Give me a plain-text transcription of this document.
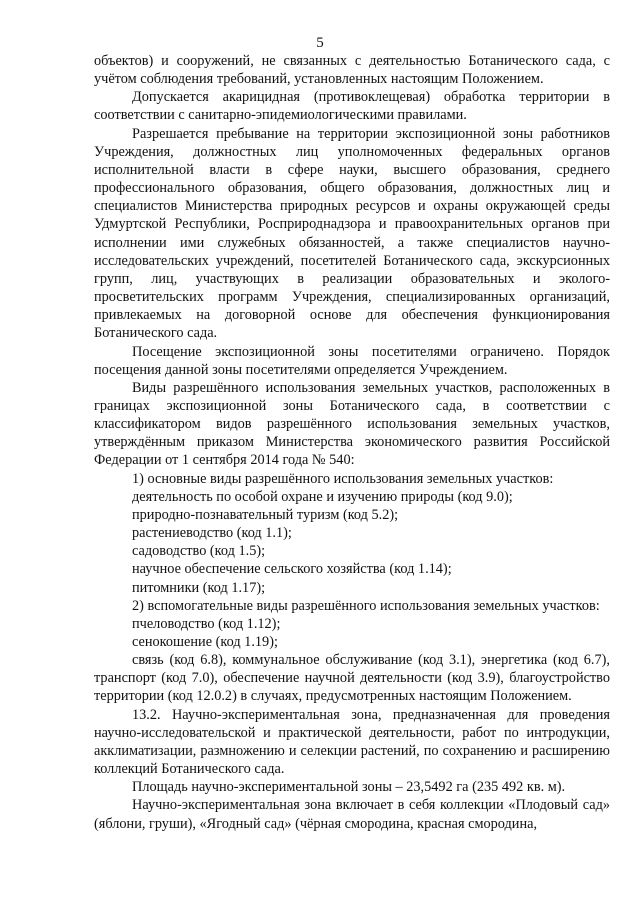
5

объектов) и сооружений, не связанных с деятельностью Ботанического сада, с учётом соблюдения требований, установленных настоящим Положением.

Допускается акарицидная (противоклещевая) обработка территории в соответствии с санитарно-эпидемиологическими правилами.

Разрешается пребывание на территории экспозиционной зоны работников Учреждения, должностных лиц уполномоченных федеральных органов исполнительной власти в сфере науки, высшего образования, среднего профессионального образования, общего образования, должностных лиц и специалистов Министерства природных ресурсов и охраны окружающей среды Удмуртской Республики, Росприроднадзора и правоохранительных органов при исполнении ими служебных обязанностей, а также специалистов научно-исследовательских учреждений, посетителей Ботанического сада, экскурсионных групп, лиц, участвующих в реализации образовательных и эколого-просветительских программ Учреждения, специализированных организаций, привлекаемых на договорной основе для обеспечения функционирования Ботанического сада.

Посещение экспозиционной зоны посетителями ограничено. Порядок посещения данной зоны посетителями определяется Учреждением.

Виды разрешённого использования земельных участков, расположенных в границах экспозиционной зоны Ботанического сада, в соответствии с классификатором видов разрешённого использования земельных участков, утверждённым приказом Министерства экономического развития Российской Федерации от 1 сентября 2014 года № 540:

1) основные виды разрешённого использования земельных участков:

деятельность по особой охране и изучению природы (код 9.0);

природно-познавательный туризм (код 5.2);

растениеводство (код 1.1);

садоводство (код 1.5);

научное обеспечение сельского хозяйства (код 1.14);

питомники (код 1.17);

2) вспомогательные виды разрешённого использования земельных участков:

пчеловодство (код 1.12);

сенокошение (код 1.19);

связь (код 6.8), коммунальное обслуживание (код 3.1), энергетика (код 6.7), транспорт (код 7.0), обеспечение научной деятельности (код 3.9), благоустройство территории (код 12.0.2) в случаях, предусмотренных настоящим Положением.

13.2. Научно-экспериментальная зона, предназначенная для проведения научно-исследовательской и практической деятельности, работ по интродукции, акклиматизации, размножению и селекции растений, по сохранению и расширению коллекций Ботанического сада.

Площадь научно-экспериментальной зоны – 23,5492 га (235 492 кв. м).

Научно-экспериментальная зона включает в себя коллекции «Плодовый сад» (яблони, груши), «Ягодный сад» (чёрная смородина, красная смородина,
